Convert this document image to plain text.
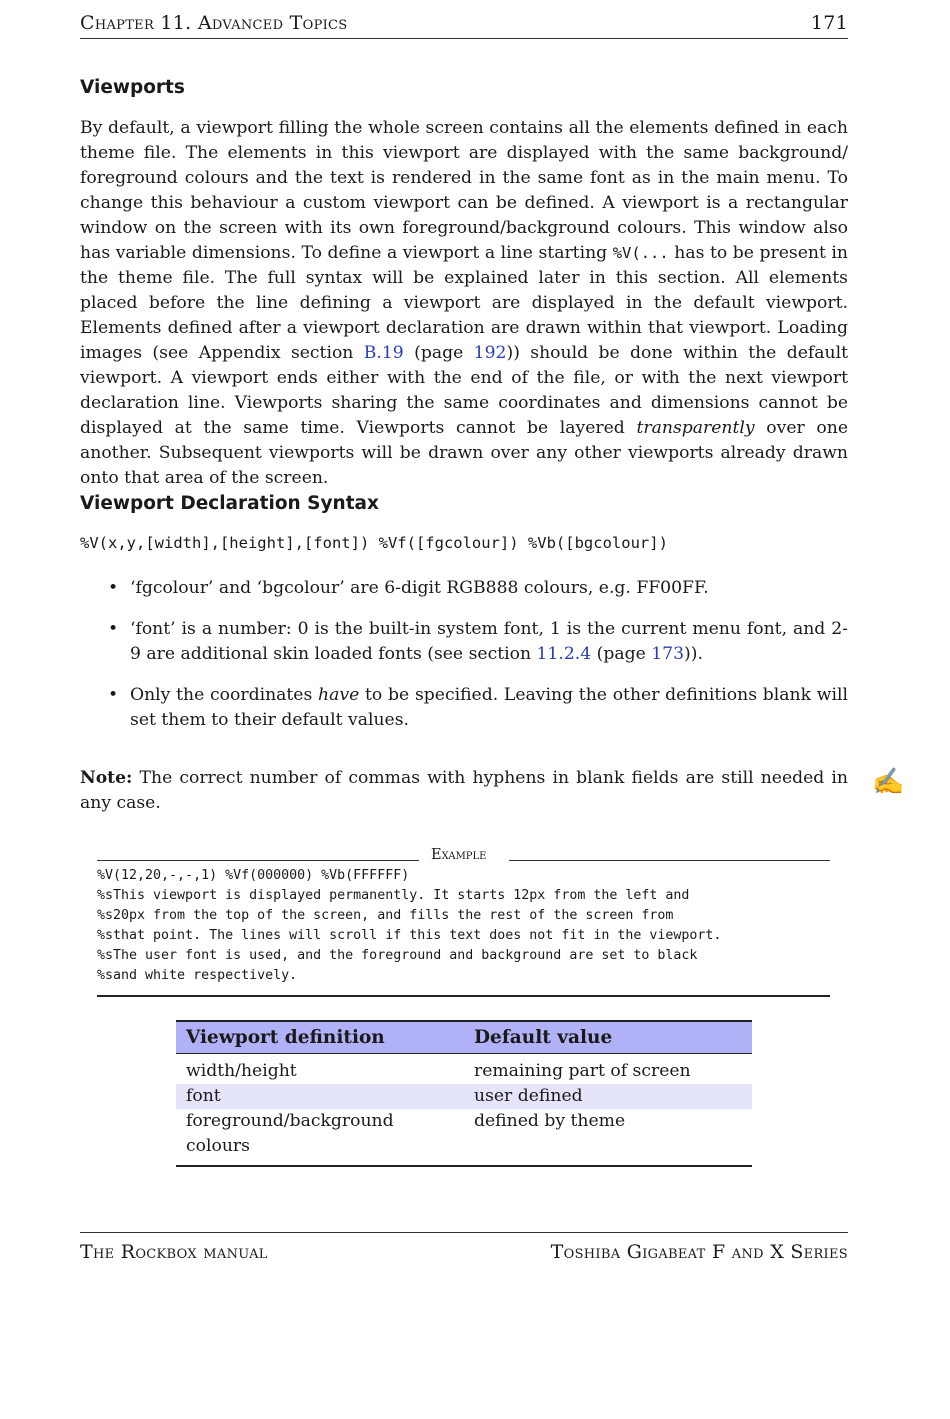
Chapter 11. Advanced Topics	171
Viewports
By default, a viewport filling the whole screen contains all the elements defined in each theme file. The elements in this viewport are displayed with the same background/ foreground colours and the text is rendered in the same font as in the main menu. To change this behaviour a custom viewport can be defined. A viewport is a rectangular window on the screen with its own foreground/background colours. This window also has variable dimensions. To define a viewport a line starting %V(... has to be present in the theme file. The full syntax will be explained later in this section. All elements placed before the line defining a viewport are displayed in the default viewport. Elements defined after a viewport declaration are drawn within that viewport. Loading images (see Appendix section B.19 (page 192)) should be done within the default viewport. A viewport ends either with the end of the file, or with the next viewport declaration line. Viewports sharing the same coordinates and dimensions cannot be displayed at the same time. Viewports cannot be layered transparently over one another. Subsequent viewports will be drawn over any other viewports already drawn onto that area of the screen.
Viewport Declaration Syntax
%V(x,y,[width],[height],[font]) %Vf([fgcolour]) %Vb([bgcolour])
• ‘fgcolour’ and ‘bgcolour’ are 6-digit RGB888 colours, e.g. FF00FF.
• ‘font’ is a number: 0 is the built-in system font, 1 is the current menu font, and 2-9 are additional skin loaded fonts (see section 11.2.4 (page 173)).
• Only the coordinates have to be specified. Leaving the other definitions blank will set them to their default values.
Note: The correct number of commas with hyphens in blank fields are still needed in any case.
✍
Example
%V(12,20,-,-,1) %Vf(000000) %Vb(FFFFFF)
%sThis viewport is displayed permanently. It starts 12px from the left and
%s20px from the top of the screen, and fills the rest of the screen from
%sthat point. The lines will scroll if this text does not fit in the viewport.
%sThe user font is used, and the foreground and background are set to black
%sand white respectively.
Viewport definition	Default value
width/height	remaining part of screen
font	user defined
foreground/background colours	defined by theme
The Rockbox manual	Toshiba Gigabeat F and X Series
